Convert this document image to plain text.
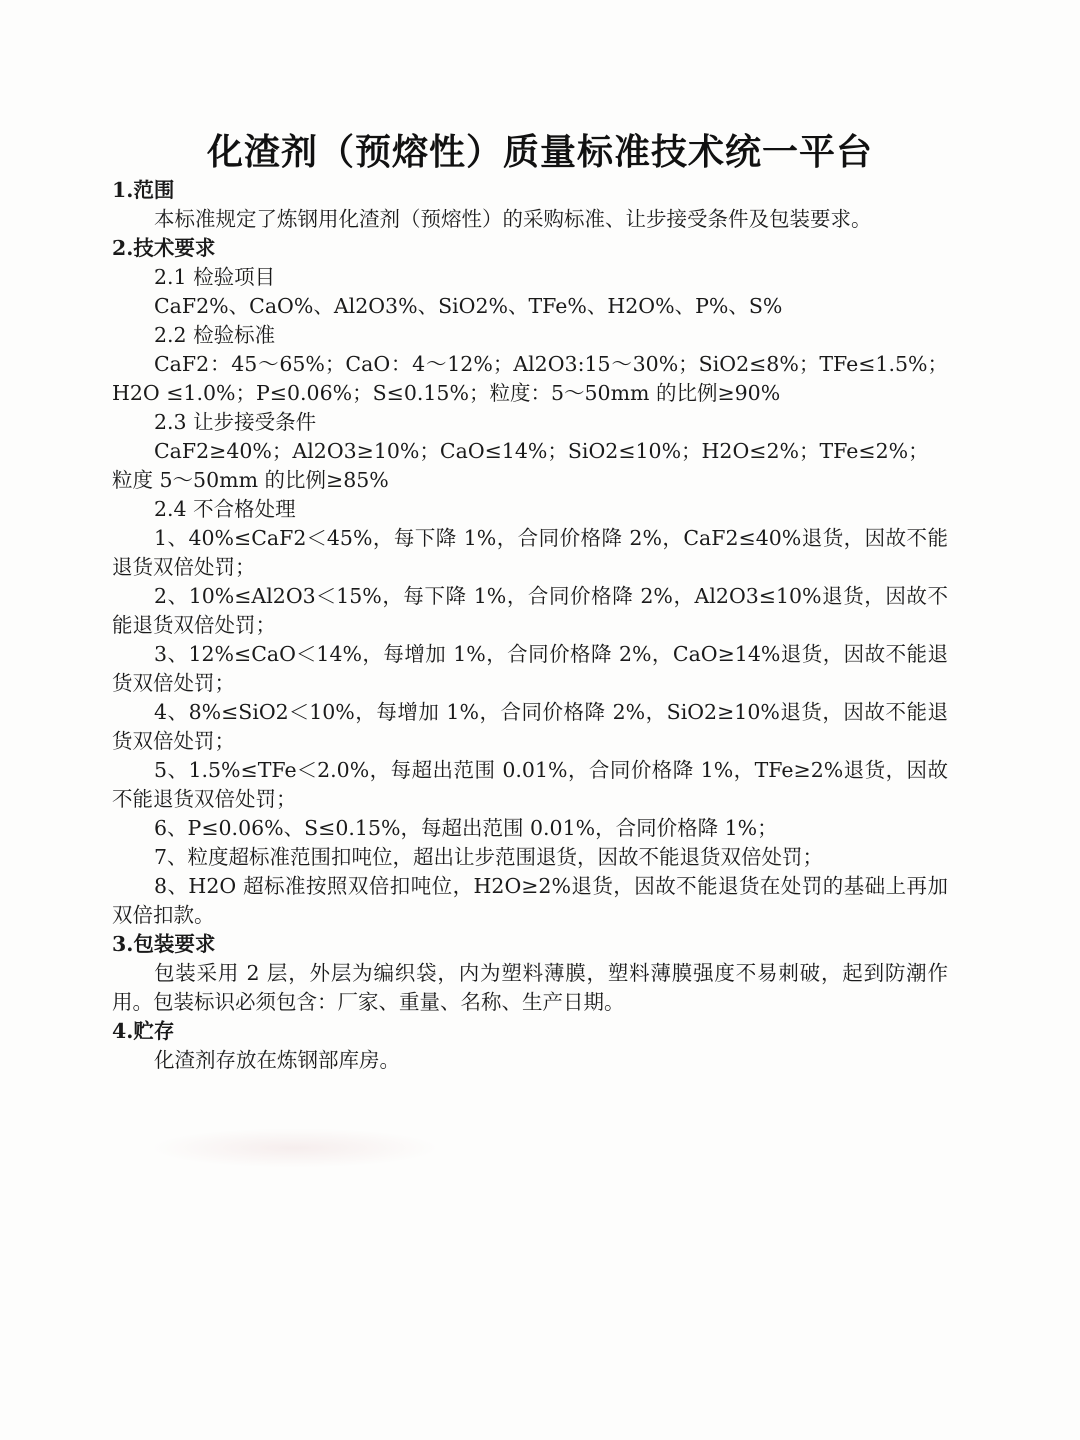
化渣剂（预熔性）质量标准技术统一平台

1.范围

本标准规定了炼钢用化渣剂（预熔性）的采购标准、让步接受条件及包装要求。

2.技术要求

2.1 检验项目

CaF2%、CaO%、Al2O3%、SiO2%、TFe%、H2O%、P%、S%

2.2 检验标准

CaF2：45～65%；CaO：4～12%；Al2O3:15～30%；SiO2≤8%；TFe≤1.5%；H2O ≤1.0%；P≤0.06%；S≤0.15%；粒度：5～50mm 的比例≥90%

2.3 让步接受条件

CaF2≥40%；Al2O3≥10%；CaO≤14%；SiO2≤10%；H2O≤2%；TFe≤2%；粒度 5～50mm 的比例≥85%

2.4 不合格处理

1、40%≤CaF2＜45%，每下降 1%，合同价格降 2%，CaF2≤40%退货，因故不能退货双倍处罚；

2、10%≤Al2O3＜15%，每下降 1%，合同价格降 2%，Al2O3≤10%退货，因故不能退货双倍处罚；

3、12%≤CaO＜14%，每增加 1%，合同价格降 2%，CaO≥14%退货，因故不能退货双倍处罚；

4、8%≤SiO2＜10%，每增加 1%，合同价格降 2%，SiO2≥10%退货，因故不能退货双倍处罚；

5、1.5%≤TFe＜2.0%，每超出范围 0.01%，合同价格降 1%，TFe≥2%退货，因故不能退货双倍处罚；

6、P≤0.06%、S≤0.15%，每超出范围 0.01%，合同价格降 1%；

7、粒度超标准范围扣吨位，超出让步范围退货，因故不能退货双倍处罚；

8、H2O 超标准按照双倍扣吨位，H2O≥2%退货，因故不能退货在处罚的基础上再加双倍扣款。

3.包装要求

包装采用 2 层，外层为编织袋，内为塑料薄膜，塑料薄膜强度不易刺破，起到防潮作用。包装标识必须包含：厂家、重量、名称、生产日期。

4.贮存

化渣剂存放在炼钢部库房。
